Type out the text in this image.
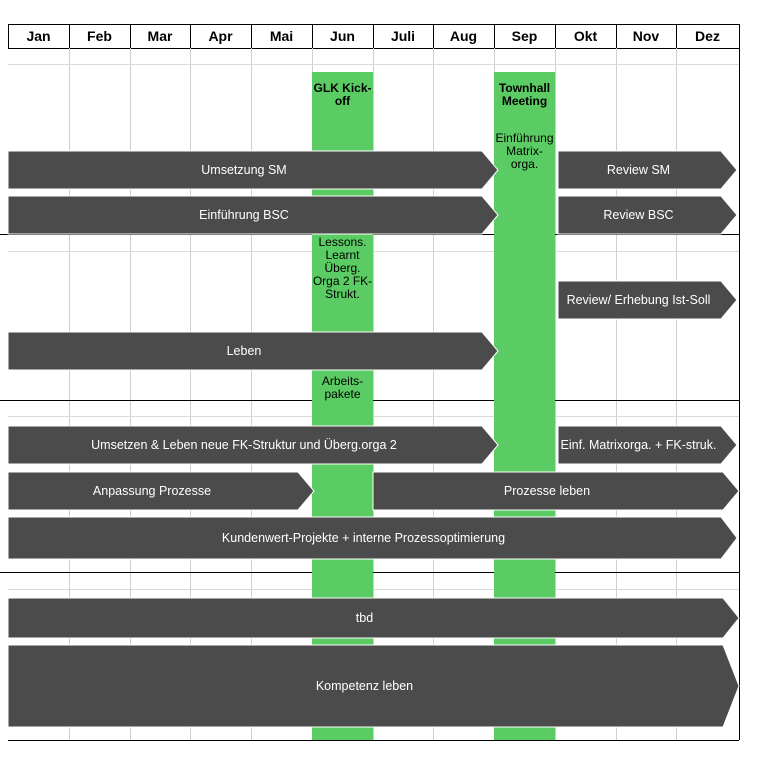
Jan	Feb	Mar	Apr	Mai	Jun	Juli	Aug	Sep	Okt	Nov	Dez
GLK Kick- off
Lessons. Learnt Überg. Orga 2 FK-Strukt.
Arbeits- pakete
Townhall Meeting
Einführung Matrix- orga.
Umsetzung SM	Review SM
Einführung BSC	Review BSC
Review/ Erhebung Ist-Soll
Leben
Umsetzen & Leben neue FK-Struktur und Überg.orga 2	Einf. Matrixorga. + FK-struk.
Anpassung Prozesse	Prozesse leben
Kundenwert-Projekte + interne Prozessoptimierung
tbd
Kompetenz leben
